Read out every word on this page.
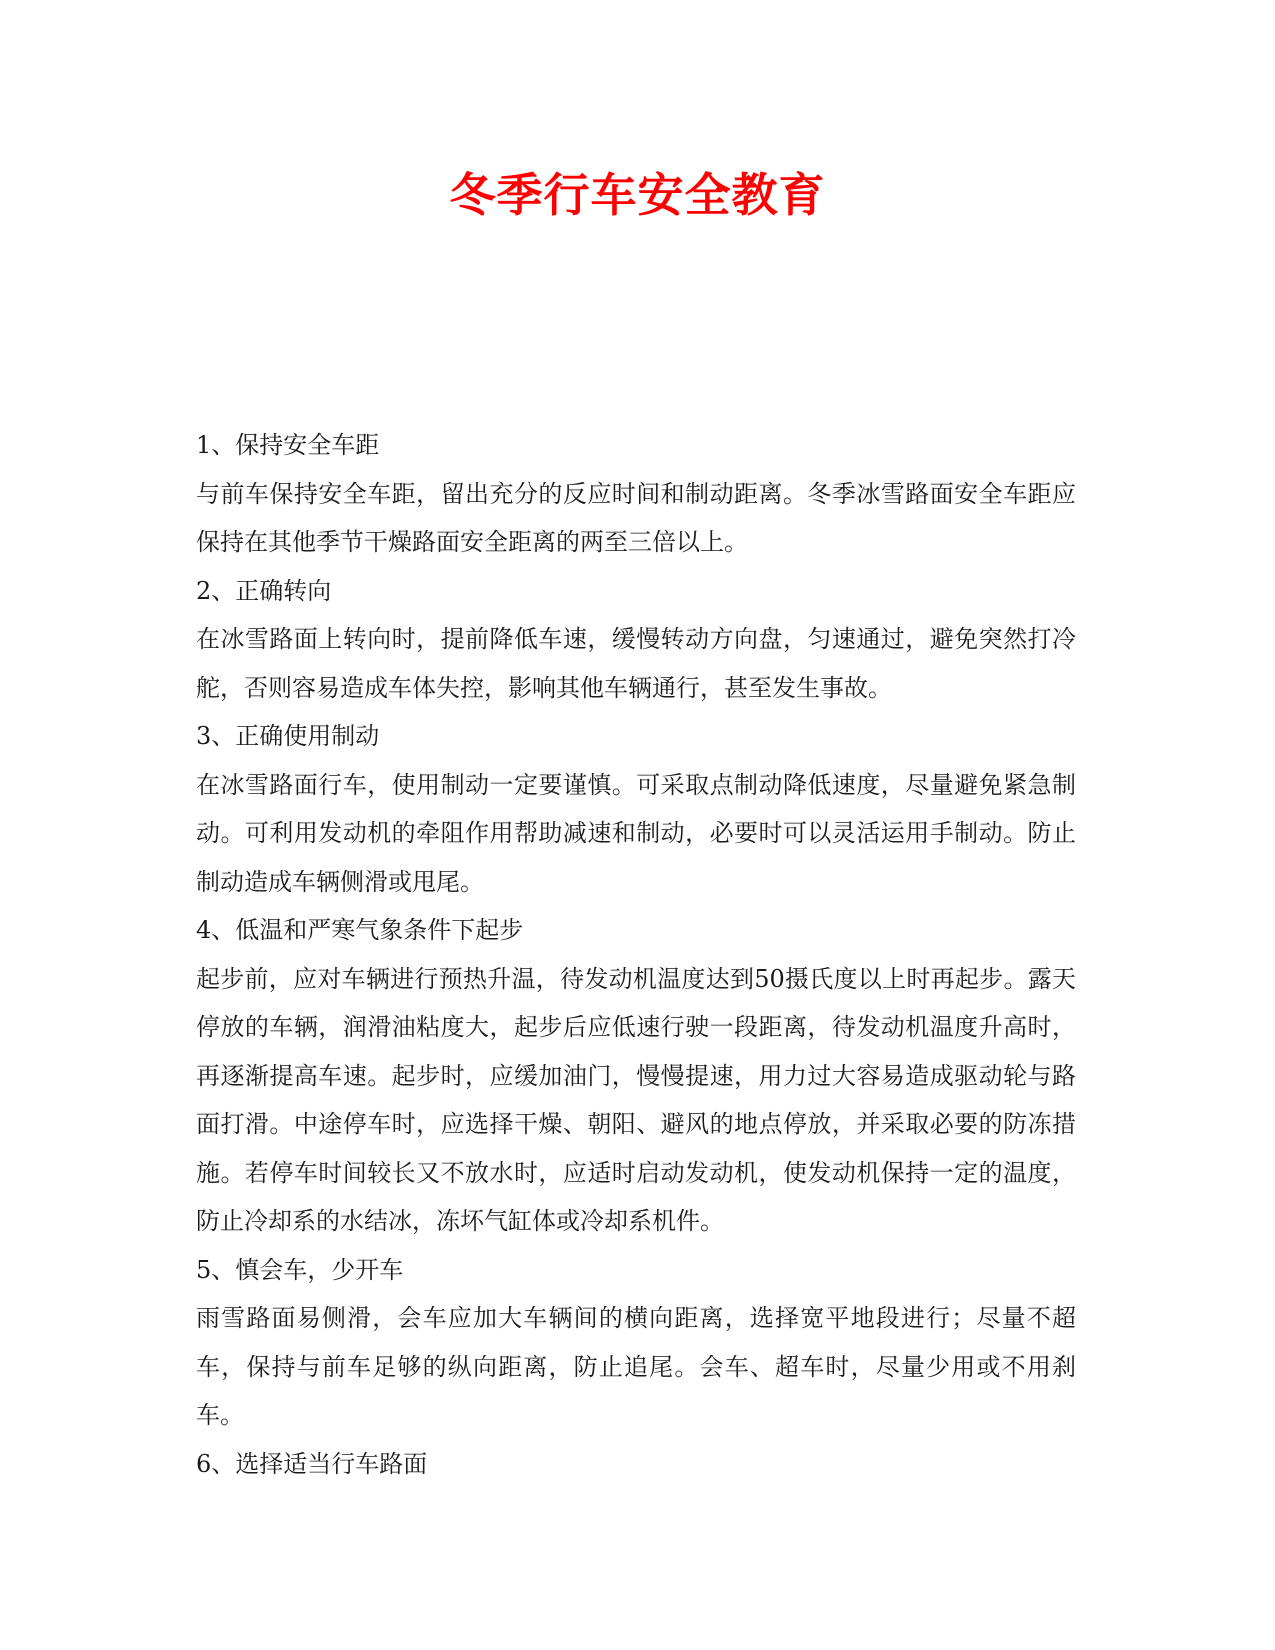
冬季行车安全教育

1、保持安全车距

与前车保持安全车距，留出充分的反应时间和制动距离。冬季冰雪路面安全车距应保持在其他季节干燥路面安全距离的两至三倍以上。

2、正确转向

在冰雪路面上转向时，提前降低车速，缓慢转动方向盘，匀速通过，避免突然打冷舵，否则容易造成车体失控，影响其他车辆通行，甚至发生事故。

3、正确使用制动

在冰雪路面行车，使用制动一定要谨慎。可采取点制动降低速度，尽量避免紧急制动。可利用发动机的牵阻作用帮助减速和制动，必要时可以灵活运用手制动。防止制动造成车辆侧滑或甩尾。

4、低温和严寒气象条件下起步

起步前，应对车辆进行预热升温，待发动机温度达到50摄氏度以上时再起步。露天停放的车辆，润滑油粘度大，起步后应低速行驶一段距离，待发动机温度升高时，再逐渐提高车速。起步时，应缓加油门，慢慢提速，用力过大容易造成驱动轮与路面打滑。中途停车时，应选择干燥、朝阳、避风的地点停放，并采取必要的防冻措施。若停车时间较长又不放水时，应适时启动发动机，使发动机保持一定的温度，防止冷却系的水结冰，冻坏气缸体或冷却系机件。

5、慎会车，少开车

雨雪路面易侧滑，会车应加大车辆间的横向距离，选择宽平地段进行；尽量不超车，保持与前车足够的纵向距离，防止追尾。会车、超车时，尽量少用或不用刹车。

6、选择适当行车路面
